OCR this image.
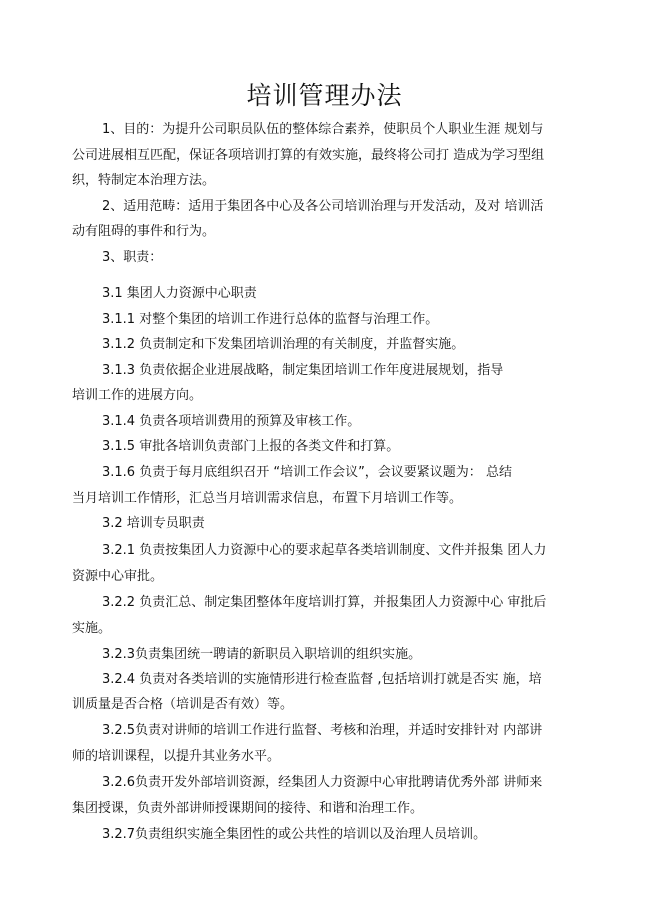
培训管理办法
1、目的：为提升公司职员队伍的整体综合素养，使职员个人职业生涯 规划与
公司进展相互匹配，保证各项培训打算的有效实施，最终将公司打 造成为学习型组
织，特制定本治理方法。
2、适用范畴：适用于集团各中心及各公司培训治理与开发活动，及对 培训活
动有阻碍的事件和行为。
3、职责：
3.1 集团人力资源中心职责
3.1.1 对整个集团的培训工作进行总体的监督与治理工作。
3.1.2 负责制定和下发集团培训治理的有关制度，并监督实施。
3.1.3 负责依据企业进展战略，制定集团培训工作年度进展规划，指导
培训工作的进展方向。
3.1.4 负责各项培训费用的预算及审核工作。
3.1.5 审批各培训负责部门上报的各类文件和打算。
3.1.6 负责于每月底组织召开 “培训工作会议”，会议要紧议题为： 总结
当月培训工作情形，汇总当月培训需求信息，布置下月培训工作等。
3.2 培训专员职责
3.2.1 负责按集团人力资源中心的要求起草各类培训制度、文件并报集 团人力
资源中心审批。
3.2.2 负责汇总、制定集团整体年度培训打算，并报集团人力资源中心 审批后
实施。
3.2.3负责集团统一聘请的新职员入职培训的组织实施。
3.2.4 负责对各类培训的实施情形进行检查监督 ,包括培训打就是否实 施，培
训质量是否合格（培训是否有效）等。
3.2.5负责对讲师的培训工作进行监督、考核和治理，并适时安排针对 内部讲
师的培训课程，以提升其业务水平。
3.2.6负责开发外部培训资源，经集团人力资源中心审批聘请优秀外部 讲师来
集团授课，负责外部讲师授课期间的接待、和谐和治理工作。
3.2.7负责组织实施全集团性的或公共性的培训以及治理人员培训。
